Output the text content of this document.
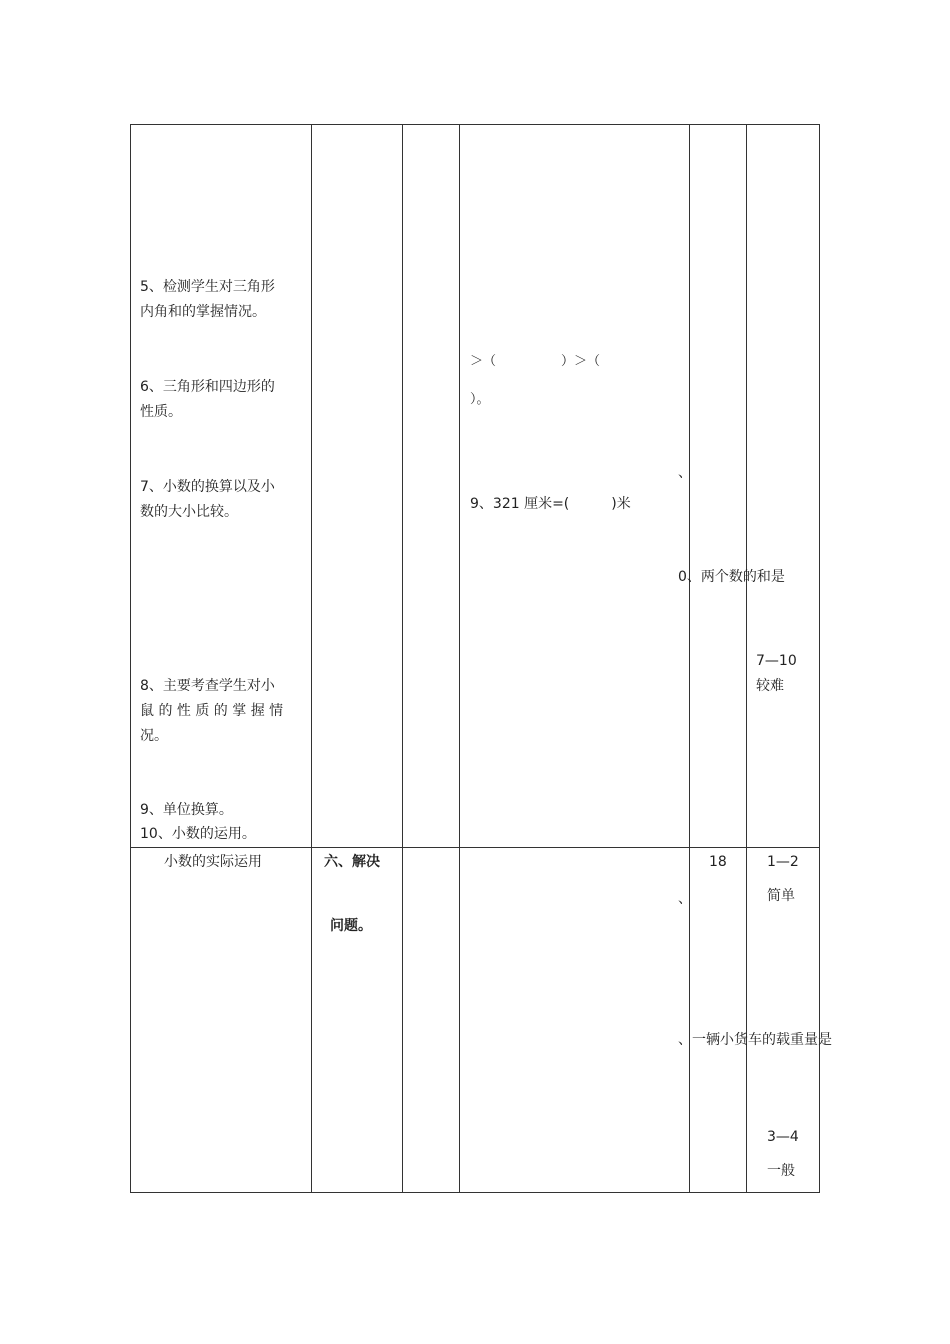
5、检测学生对三角形
内角和的掌握情况。
6、三角形和四边形的
性质。
7、小数的换算以及小
数的大小比较。
8、主要考查学生对小
鼠 的 性 质 的 掌 握 情
况。
9、单位换算。
10、小数的运用。
＞（　　　　　）＞（
）。
、
9、321 厘米=(　　　)米
0、两个数的和是
7—10
较难
小数的实际运用	六、解决
问题。
18
、
1—2
简单
、一辆小货车的载重量是
3—4
一般
